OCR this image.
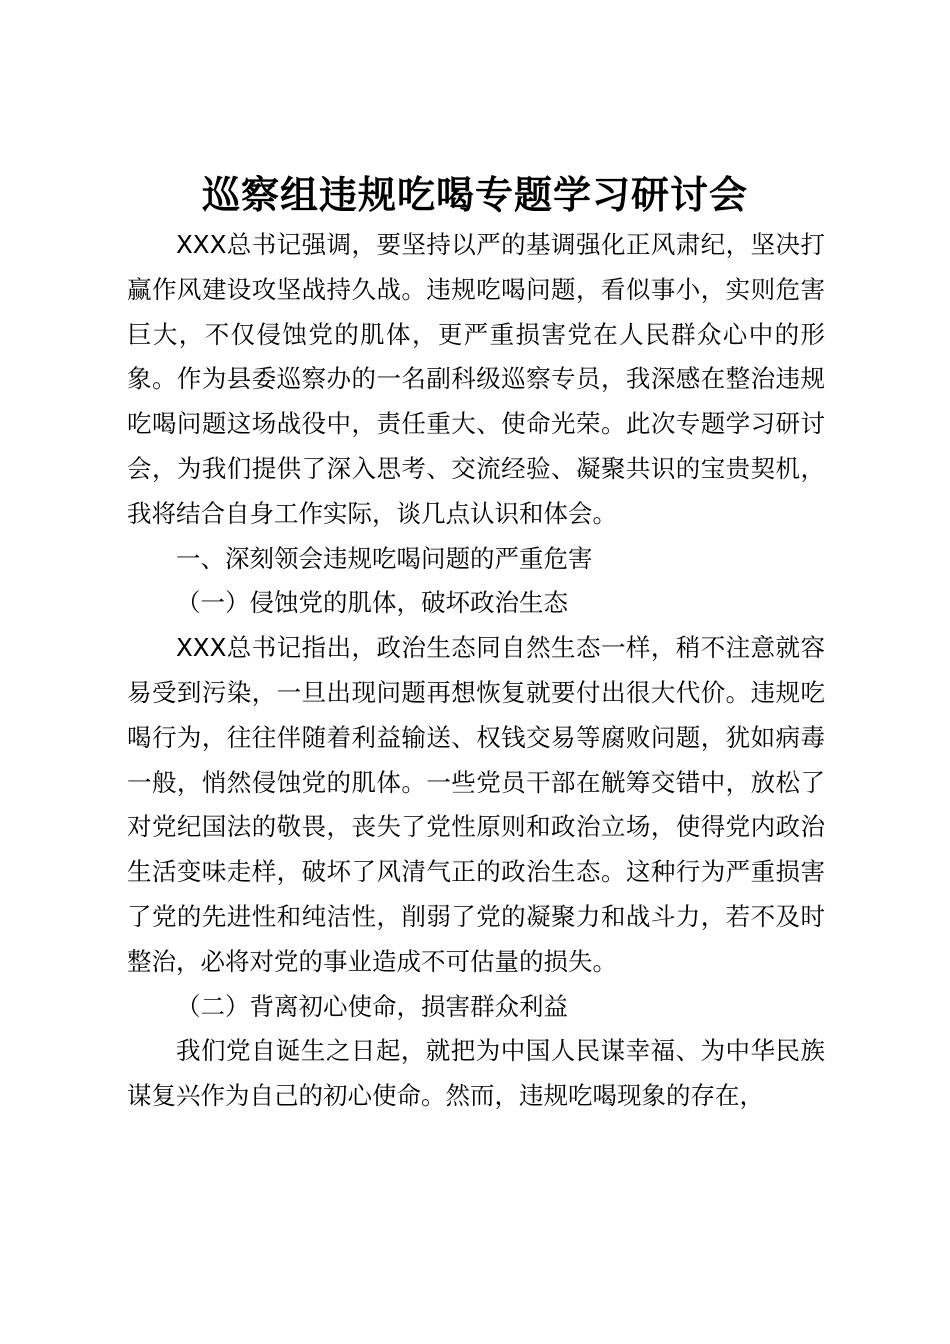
巡察组违规吃喝专题学习研讨会

XXX总书记强调，要坚持以严的基调强化正风肃纪，坚决打赢作风建设攻坚战持久战。违规吃喝问题，看似事小，实则危害巨大，不仅侵蚀党的肌体，更严重损害党在人民群众心中的形象。作为县委巡察办的一名副科级巡察专员，我深感在整治违规吃喝问题这场战役中，责任重大、使命光荣。此次专题学习研讨会，为我们提供了深入思考、交流经验、凝聚共识的宝贵契机，我将结合自身工作实际，谈几点认识和体会。

一、深刻领会违规吃喝问题的严重危害

（一）侵蚀党的肌体，破坏政治生态

XXX总书记指出，政治生态同自然生态一样，稍不注意就容易受到污染，一旦出现问题再想恢复就要付出很大代价。违规吃喝行为，往往伴随着利益输送、权钱交易等腐败问题，犹如病毒一般，悄然侵蚀党的肌体。一些党员干部在觥筹交错中，放松了对党纪国法的敬畏，丧失了党性原则和政治立场，使得党内政治生活变味走样，破坏了风清气正的政治生态。这种行为严重损害了党的先进性和纯洁性，削弱了党的凝聚力和战斗力，若不及时整治，必将对党的事业造成不可估量的损失。

（二）背离初心使命，损害群众利益

我们党自诞生之日起，就把为中国人民谋幸福、为中华民族谋复兴作为自己的初心使命。然而，违规吃喝现象的存在，
